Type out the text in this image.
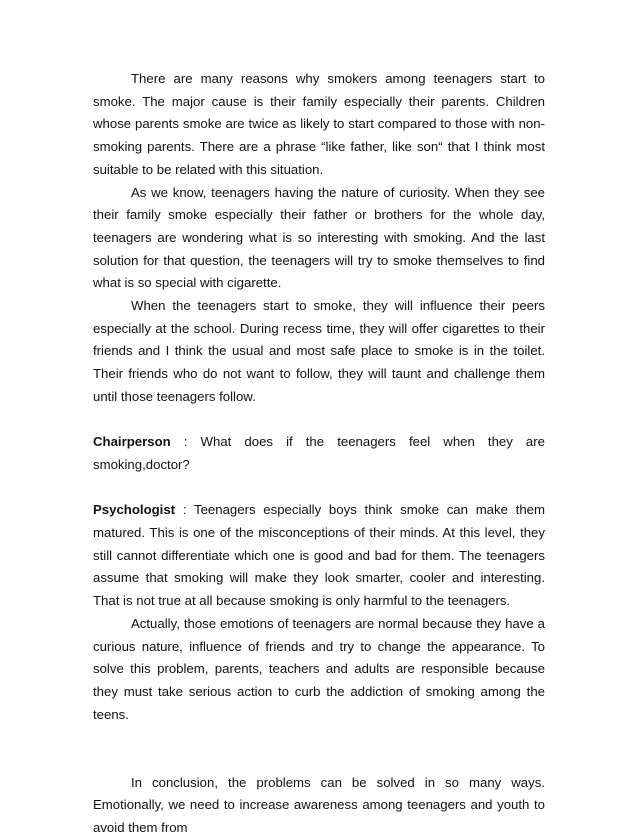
There are many reasons why smokers among teenagers start to smoke. The major cause is their family especially their parents. Children whose parents smoke are twice as likely to start compared to those with non-smoking parents. There are a phrase “like father, like son“ that I think most suitable to be related with this situation.

As we know, teenagers having the nature of curiosity. When they see their family smoke especially their father or brothers for the whole day, teenagers are wondering what is so interesting with smoking. And the last solution for that question, the teenagers will try to smoke themselves to find what is so special with cigarette.

When the teenagers start to smoke, they will influence their peers especially at the school. During recess time, they will offer cigarettes to their friends and I think the usual and most safe place to smoke is in the toilet. Their friends who do not want to follow, they will taunt and challenge them until those teenagers follow.

Chairperson : What does if the teenagers feel when they are smoking,doctor?

Psychologist : Teenagers especially boys think smoke can make them matured. This is one of the misconceptions of their minds. At this level, they still cannot differentiate which one is good and bad for them. The teenagers assume that smoking will make they look smarter, cooler and interesting. That is not true at all because smoking is only harmful to the teenagers.

Actually, those emotions of teenagers are normal because they have a curious nature, influence of friends and try to change the appearance. To solve this problem, parents, teachers and adults are responsible because they must take serious action to curb the addiction of smoking among the teens.

In conclusion, the problems can be solved in so many ways. Emotionally, we need to increase awareness among teenagers and youth to avoid them from
